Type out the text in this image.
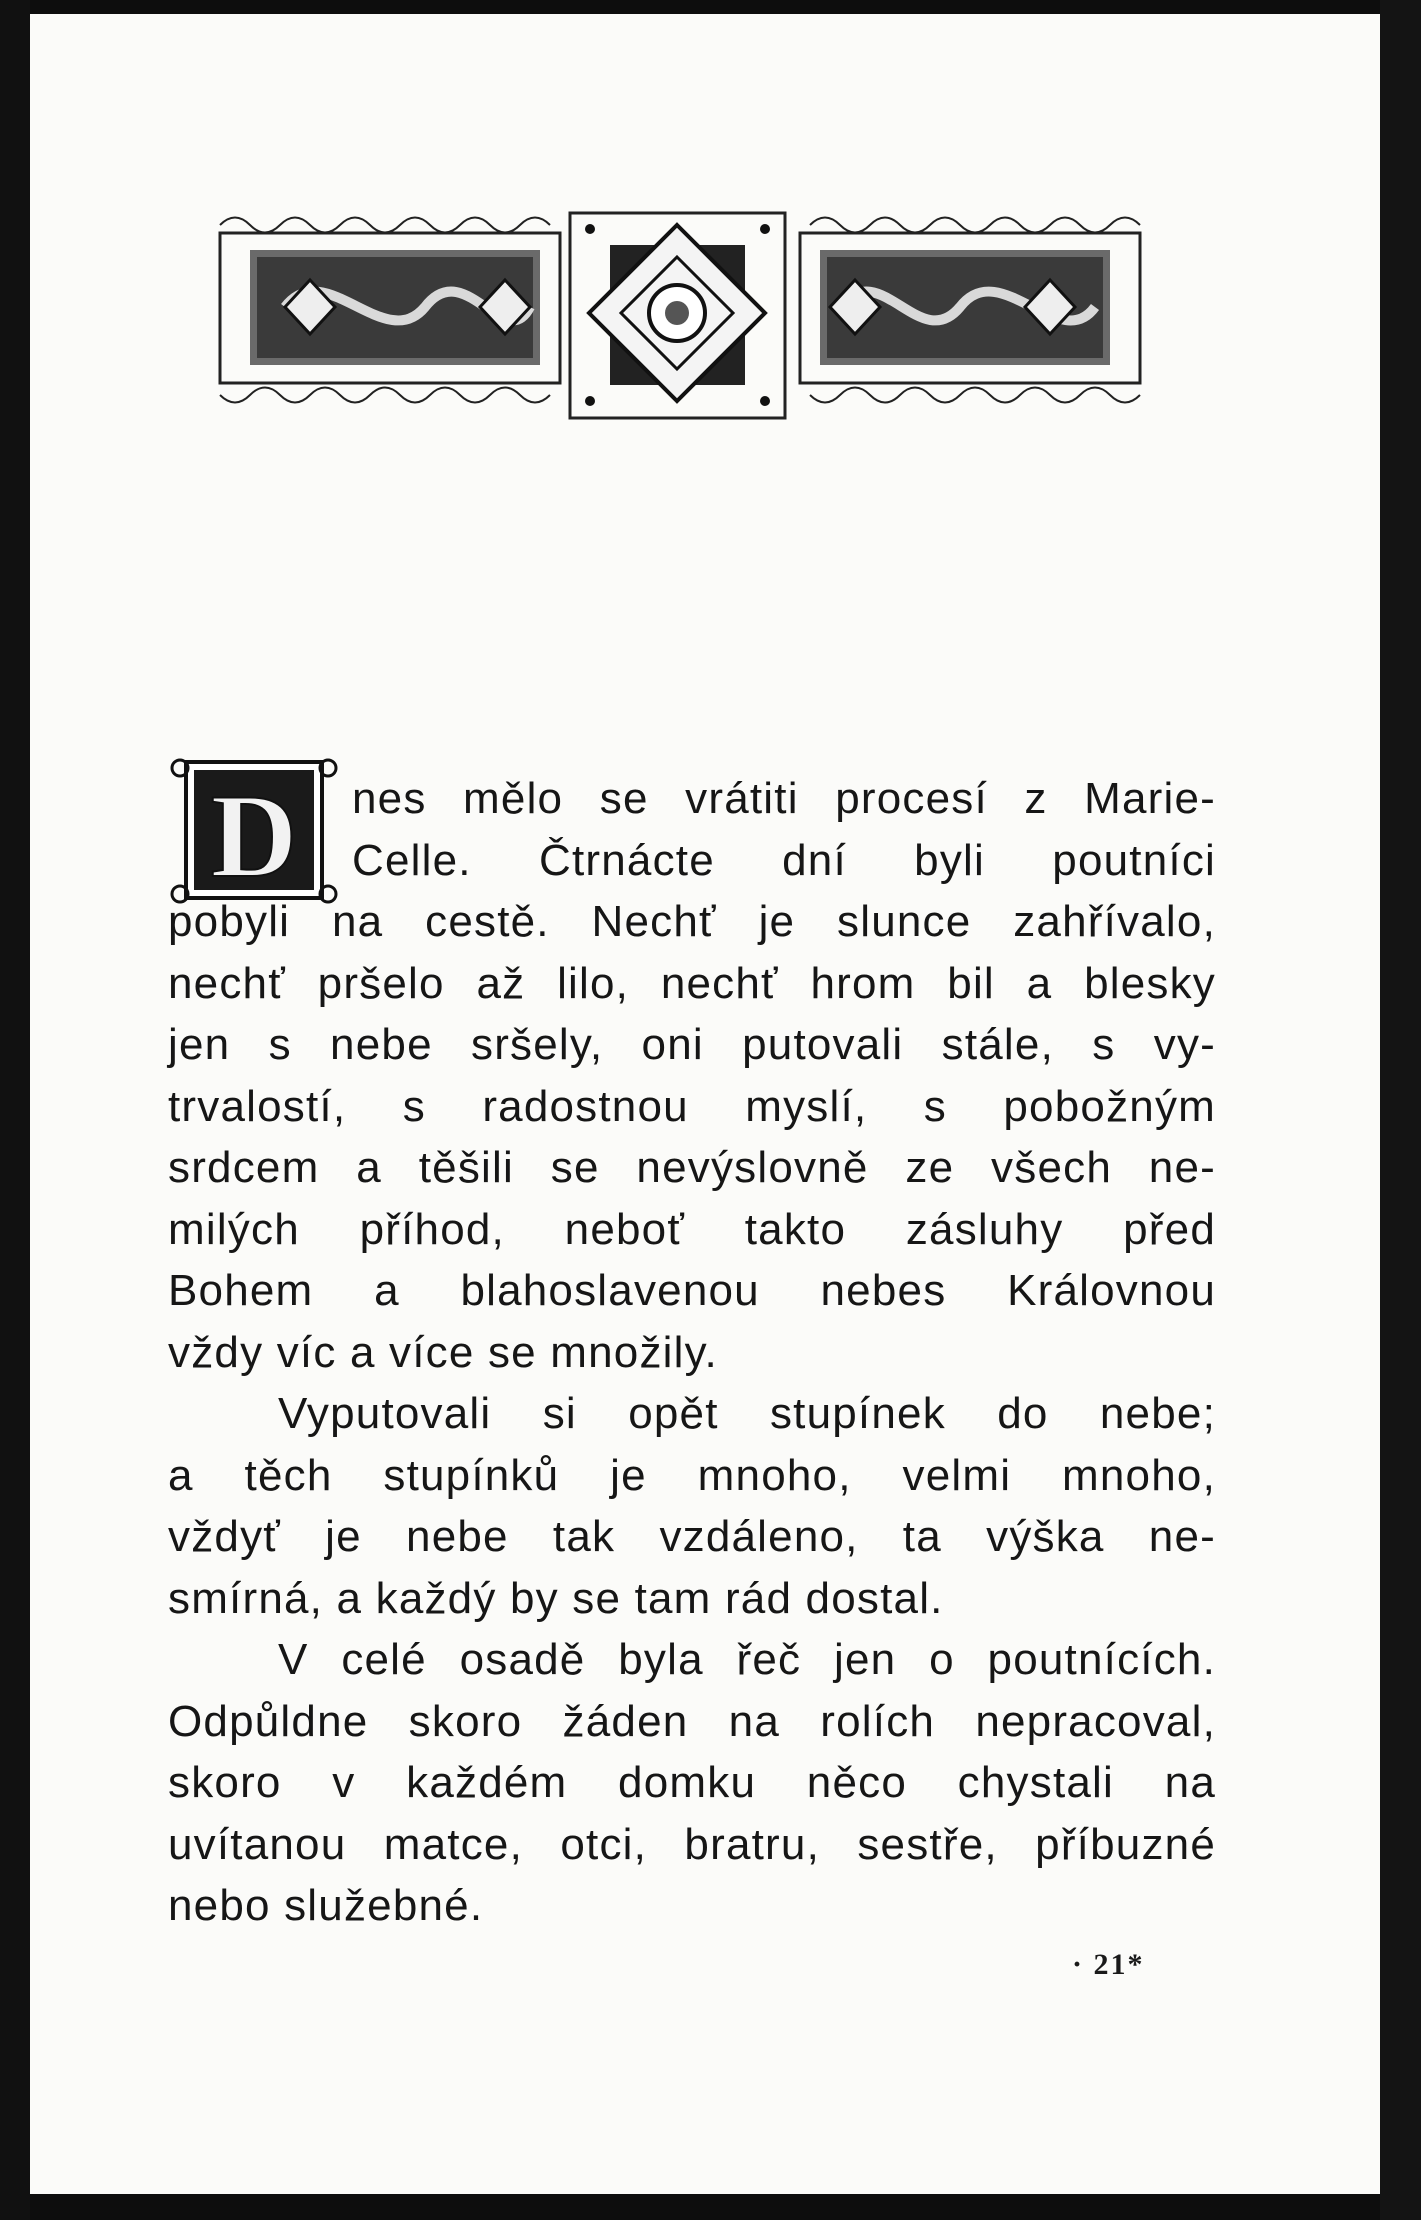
D	nes mělo se vrátiti procesí z Marie-
Celle. Čtrnácte dní byli poutníci
pobyli na cestě. Nechť je slunce zahřívalo,
nechť pršelo až lilo, nechť hrom bil a blesky
jen s nebe sršely, oni putovali stále, s vy-
trvalostí, s radostnou myslí, s pobožným
srdcem a těšili se nevýslovně ze všech ne-
milých příhod, neboť takto zásluhy před
Bohem a blahoslavenou nebes Královnou
vždy víc a více se množily.
Vyputovali si opět stupínek do nebe;
a těch stupínků je mnoho, velmi mnoho,
vždyť je nebe tak vzdáleno, ta výška ne-
smírná, a každý by se tam rád dostal.
V celé osadě byla řeč jen o poutnících.
Odpůldne skoro žáden na rolích nepracoval,
skoro v každém domku něco chystali na
uvítanou matce, otci, bratru, sestře, příbuzné
nebo služebné.
· 21*
